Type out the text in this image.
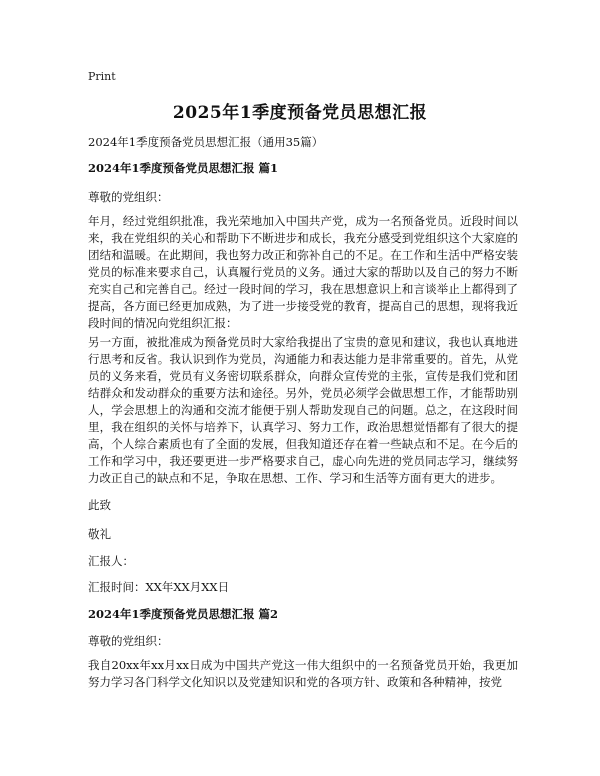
Print
2025年1季度预备党员思想汇报
2024年1季度预备党员思想汇报（通用35篇）
2024年1季度预备党员思想汇报 篇1
尊敬的党组织：
年月，经过党组织批准，我光荣地加入中国共产党，成为一名预备党员。近段时间以来，我在党组织的关心和帮助下不断进步和成长，我充分感受到党组织这个大家庭的团结和温暖。在此期间，我也努力改正和弥补自己的不足。在工作和生活中严格安装党员的标准来要求自己，认真履行党员的义务。通过大家的帮助以及自己的努力不断充实自己和完善自己。经过一段时间的学习，我在思想意识上和言谈举止上都得到了提高，各方面已经更加成熟，为了进一步接受党的教育，提高自己的思想，现将我近段时间的情况向党组织汇报：
另一方面，被批准成为预备党员时大家给我提出了宝贵的意见和建议，我也认真地进行思考和反省。我认识到作为党员，沟通能力和表达能力是非常重要的。首先，从党员的义务来看，党员有义务密切联系群众，向群众宣传党的主张，宣传是我们党和团结群众和发动群众的重要方法和途径。另外，党员必须学会做思想工作，才能帮助别人，学会思想上的沟通和交流才能便于别人帮助发现自己的问题。总之，在这段时间里，我在组织的关怀与培养下，认真学习、努力工作，政治思想觉悟都有了很大的提高，个人综合素质也有了全面的发展，但我知道还存在着一些缺点和不足。在今后的工作和学习中，我还要更进一步严格要求自己，虚心向先进的党员同志学习，继续努力改正自己的缺点和不足，争取在思想、工作、学习和生活等方面有更大的进步。
此致
敬礼
汇报人：
汇报时间：XX年XX月XX日
2024年1季度预备党员思想汇报 篇2
尊敬的党组织：
我自20xx年xx月xx日成为中国共产党这一伟大组织中的一名预备党员开始，我更加努力学习各门科学文化知识以及党建知识和党的各项方针、政策和各种精神，按党
